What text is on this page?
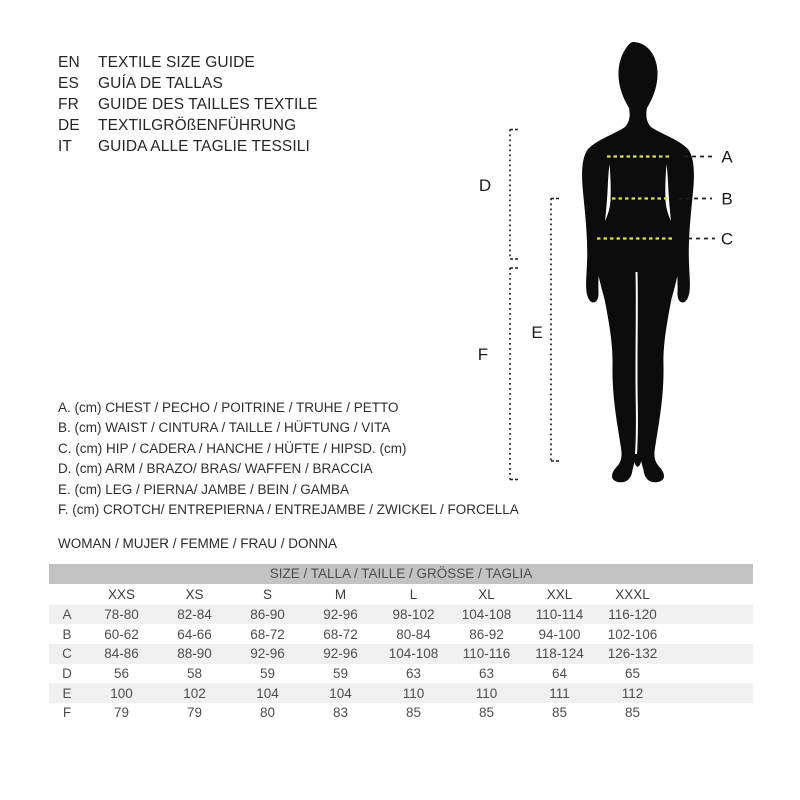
EN	TEXTILE SIZE GUIDE
ES	GUÍA DE TALLAS
FR	GUIDE DES TAILLES TEXTILE
DE	TEXTILGRÖßENFÜHRUNG
IT	GUIDA ALLE TAGLIE TESSILI
A
B
C
D
F
E
A. (cm) CHEST / PECHO / POITRINE / TRUHE / PETTO
B. (cm) WAIST / CINTURA / TAILLE / HÜFTUNG / VITA
C. (cm) HIP / CADERA / HANCHE / HÜFTE / HIPSD. (cm)
D. (cm) ARM / BRAZO/ BRAS/ WAFFEN / BRACCIA
E. (cm) LEG / PIERNA/ JAMBE / BEIN / GAMBA
F. (cm) CROTCH/ ENTREPIERNA / ENTREJAMBE / ZWICKEL / FORCELLA
WOMAN / MUJER / FEMME / FRAU / DONNA
SIZE / TALLA / TAILLE / GRÖSSE / TAGLIA									
	XXS	XS	S	M	L	XL	XXL	XXXL	
A	78-80	82-84	86-90	92-96	98-102	104-108	110-114	116-120	
B	60-62	64-66	68-72	68-72	80-84	86-92	94-100	102-106	
C	84-86	88-90	92-96	92-96	104-108	110-116	118-124	126-132	
D	56	58	59	59	63	63	64	65	
E	100	102	104	104	110	110	111	112	
F	79	79	80	83	85	85	85	85	
